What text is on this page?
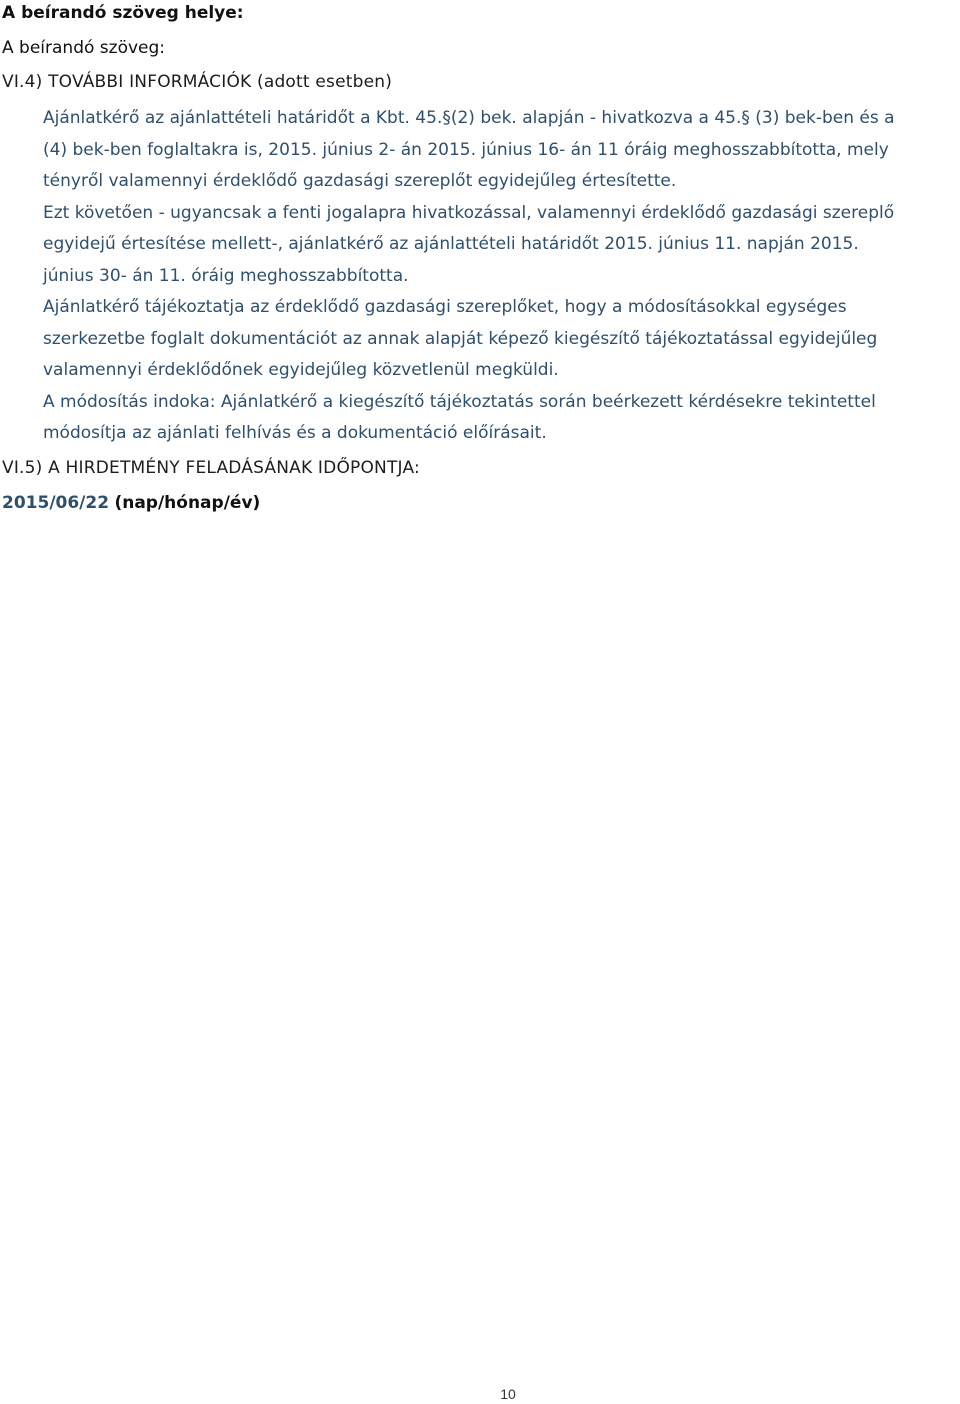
A beírandó szöveg helye:
A beírandó szöveg:
VI.4) TOVÁBBI INFORMÁCIÓK (adott esetben)
Ajánlatkérő az ajánlattételi határidőt a Kbt. 45.§(2) bek. alapján - hivatkozva a 45.§ (3) bek-ben és a
(4) bek-ben foglaltakra is, 2015. június 2- án 2015. június 16- án 11 óráig meghosszabbította, mely
tényről valamennyi érdeklődő gazdasági szereplőt egyidejűleg értesítette.
Ezt követően - ugyancsak a fenti jogalapra hivatkozással, valamennyi érdeklődő gazdasági szereplő
egyidejű értesítése mellett-, ajánlatkérő az ajánlattételi határidőt 2015. június 11. napján 2015.
június 30- án 11. óráig meghosszabbította.
Ajánlatkérő tájékoztatja az érdeklődő gazdasági szereplőket, hogy a módosításokkal egységes
szerkezetbe foglalt dokumentációt az annak alapját képező kiegészítő tájékoztatással egyidejűleg
valamennyi érdeklődőnek egyidejűleg közvetlenül megküldi.
A módosítás indoka: Ajánlatkérő a kiegészítő tájékoztatás során beérkezett kérdésekre tekintettel
módosítja az ajánlati felhívás és a dokumentáció előírásait.
VI.5) A HIRDETMÉNY FELADÁSÁNAK IDŐPONTJA:
2015/06/22 (nap/hónap/év)
10
